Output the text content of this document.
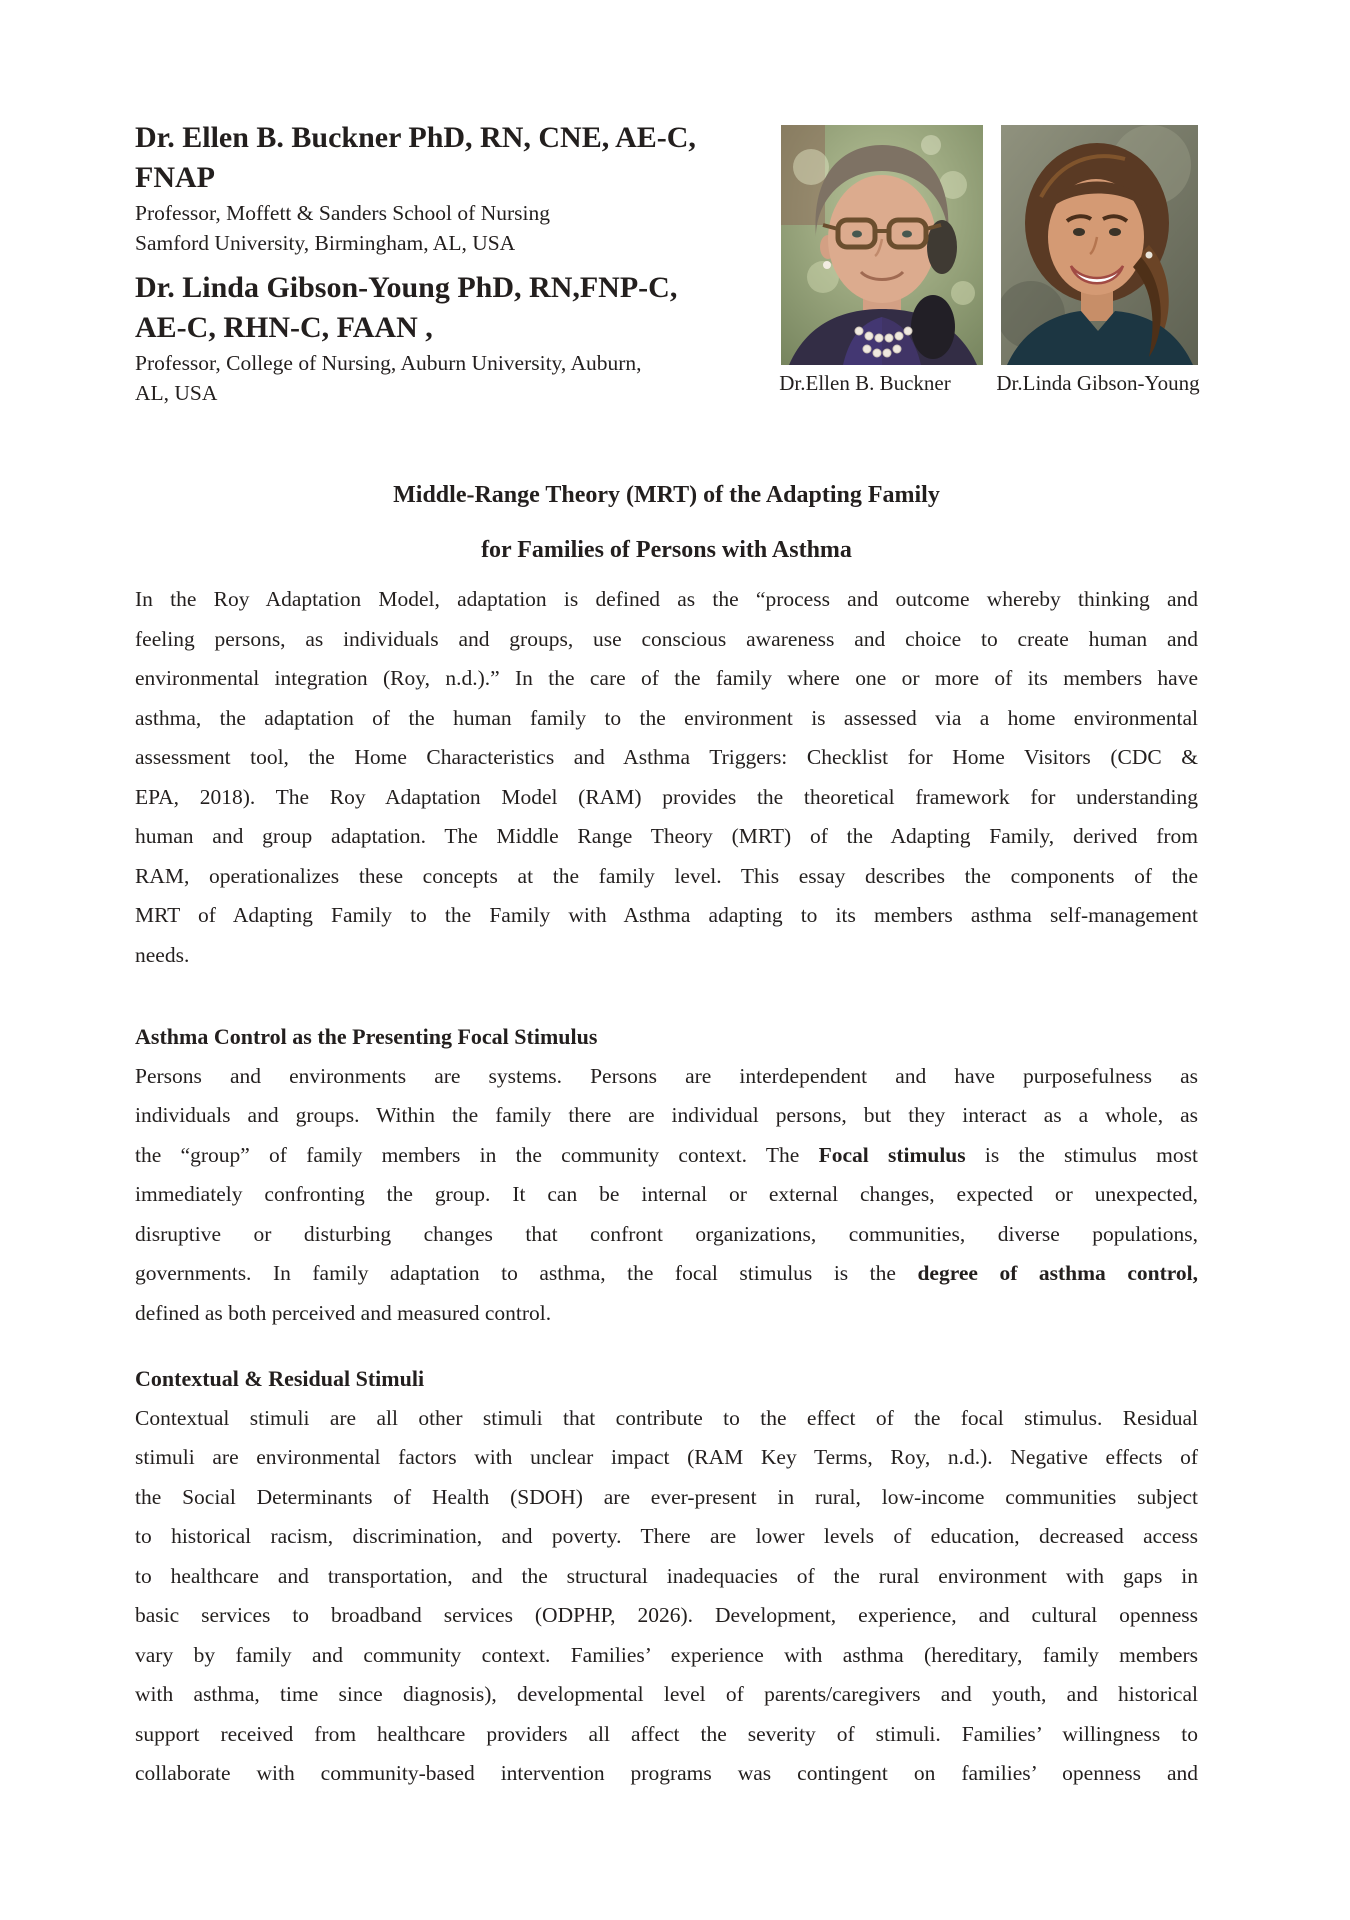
Dr. Ellen B. Buckner PhD, RN, CNE, AE-C,
FNAP
Professor, Moffett & Sanders School of Nursing
Samford University, Birmingham, AL, USA
Dr. Linda Gibson-Young PhD, RN,FNP-C,
AE-C, RHN-C, FAAN ,
Professor, College of Nursing, Auburn University, Auburn,
AL, USA	Dr.Ellen B. Buckner	Dr.Linda Gibson-Young
Middle-Range Theory (MRT) of the Adapting Family
for Families of Persons with Asthma
In the Roy Adaptation Model, adaptation is defined as the “process and outcome whereby thinking and
feeling persons, as individuals and groups, use conscious awareness and choice to create human and
environmental integration (Roy, n.d.).” In the care of the family where one or more of its members have
asthma, the adaptation of the human family to the environment is assessed via a home environmental
assessment tool, the Home Characteristics and Asthma Triggers: Checklist for Home Visitors (CDC &
EPA, 2018). The Roy Adaptation Model (RAM) provides the theoretical framework for understanding
human and group adaptation. The Middle Range Theory (MRT) of the Adapting Family, derived from
RAM, operationalizes these concepts at the family level. This essay describes the components of the
MRT of Adapting Family to the Family with Asthma adapting to its members asthma self-management
needs.
Asthma Control as the Presenting Focal Stimulus
Persons and environments are systems. Persons are interdependent and have purposefulness as
individuals and groups. Within the family there are individual persons, but they interact as a whole, as
the “group” of family members in the community context. The Focal stimulus is the stimulus most
immediately confronting the group. It can be internal or external changes, expected or unexpected,
disruptive or disturbing changes that confront organizations, communities, diverse populations,
governments. In family adaptation to asthma, the focal stimulus is the degree of asthma control,
defined as both perceived and measured control.
Contextual & Residual Stimuli
Contextual stimuli are all other stimuli that contribute to the effect of the focal stimulus. Residual
stimuli are environmental factors with unclear impact (RAM Key Terms, Roy, n.d.). Negative effects of
the Social Determinants of Health (SDOH) are ever-present in rural, low-income communities subject
to historical racism, discrimination, and poverty. There are lower levels of education, decreased access
to healthcare and transportation, and the structural inadequacies of the rural environment with gaps in
basic services to broadband services (ODPHP, 2026). Development, experience, and cultural openness
vary by family and community context. Families’ experience with asthma (hereditary, family members
with asthma, time since diagnosis), developmental level of parents/caregivers and youth, and historical
support received from healthcare providers all affect the severity of stimuli. Families’ willingness to
collaborate with community-based intervention programs was contingent on families’ openness and
